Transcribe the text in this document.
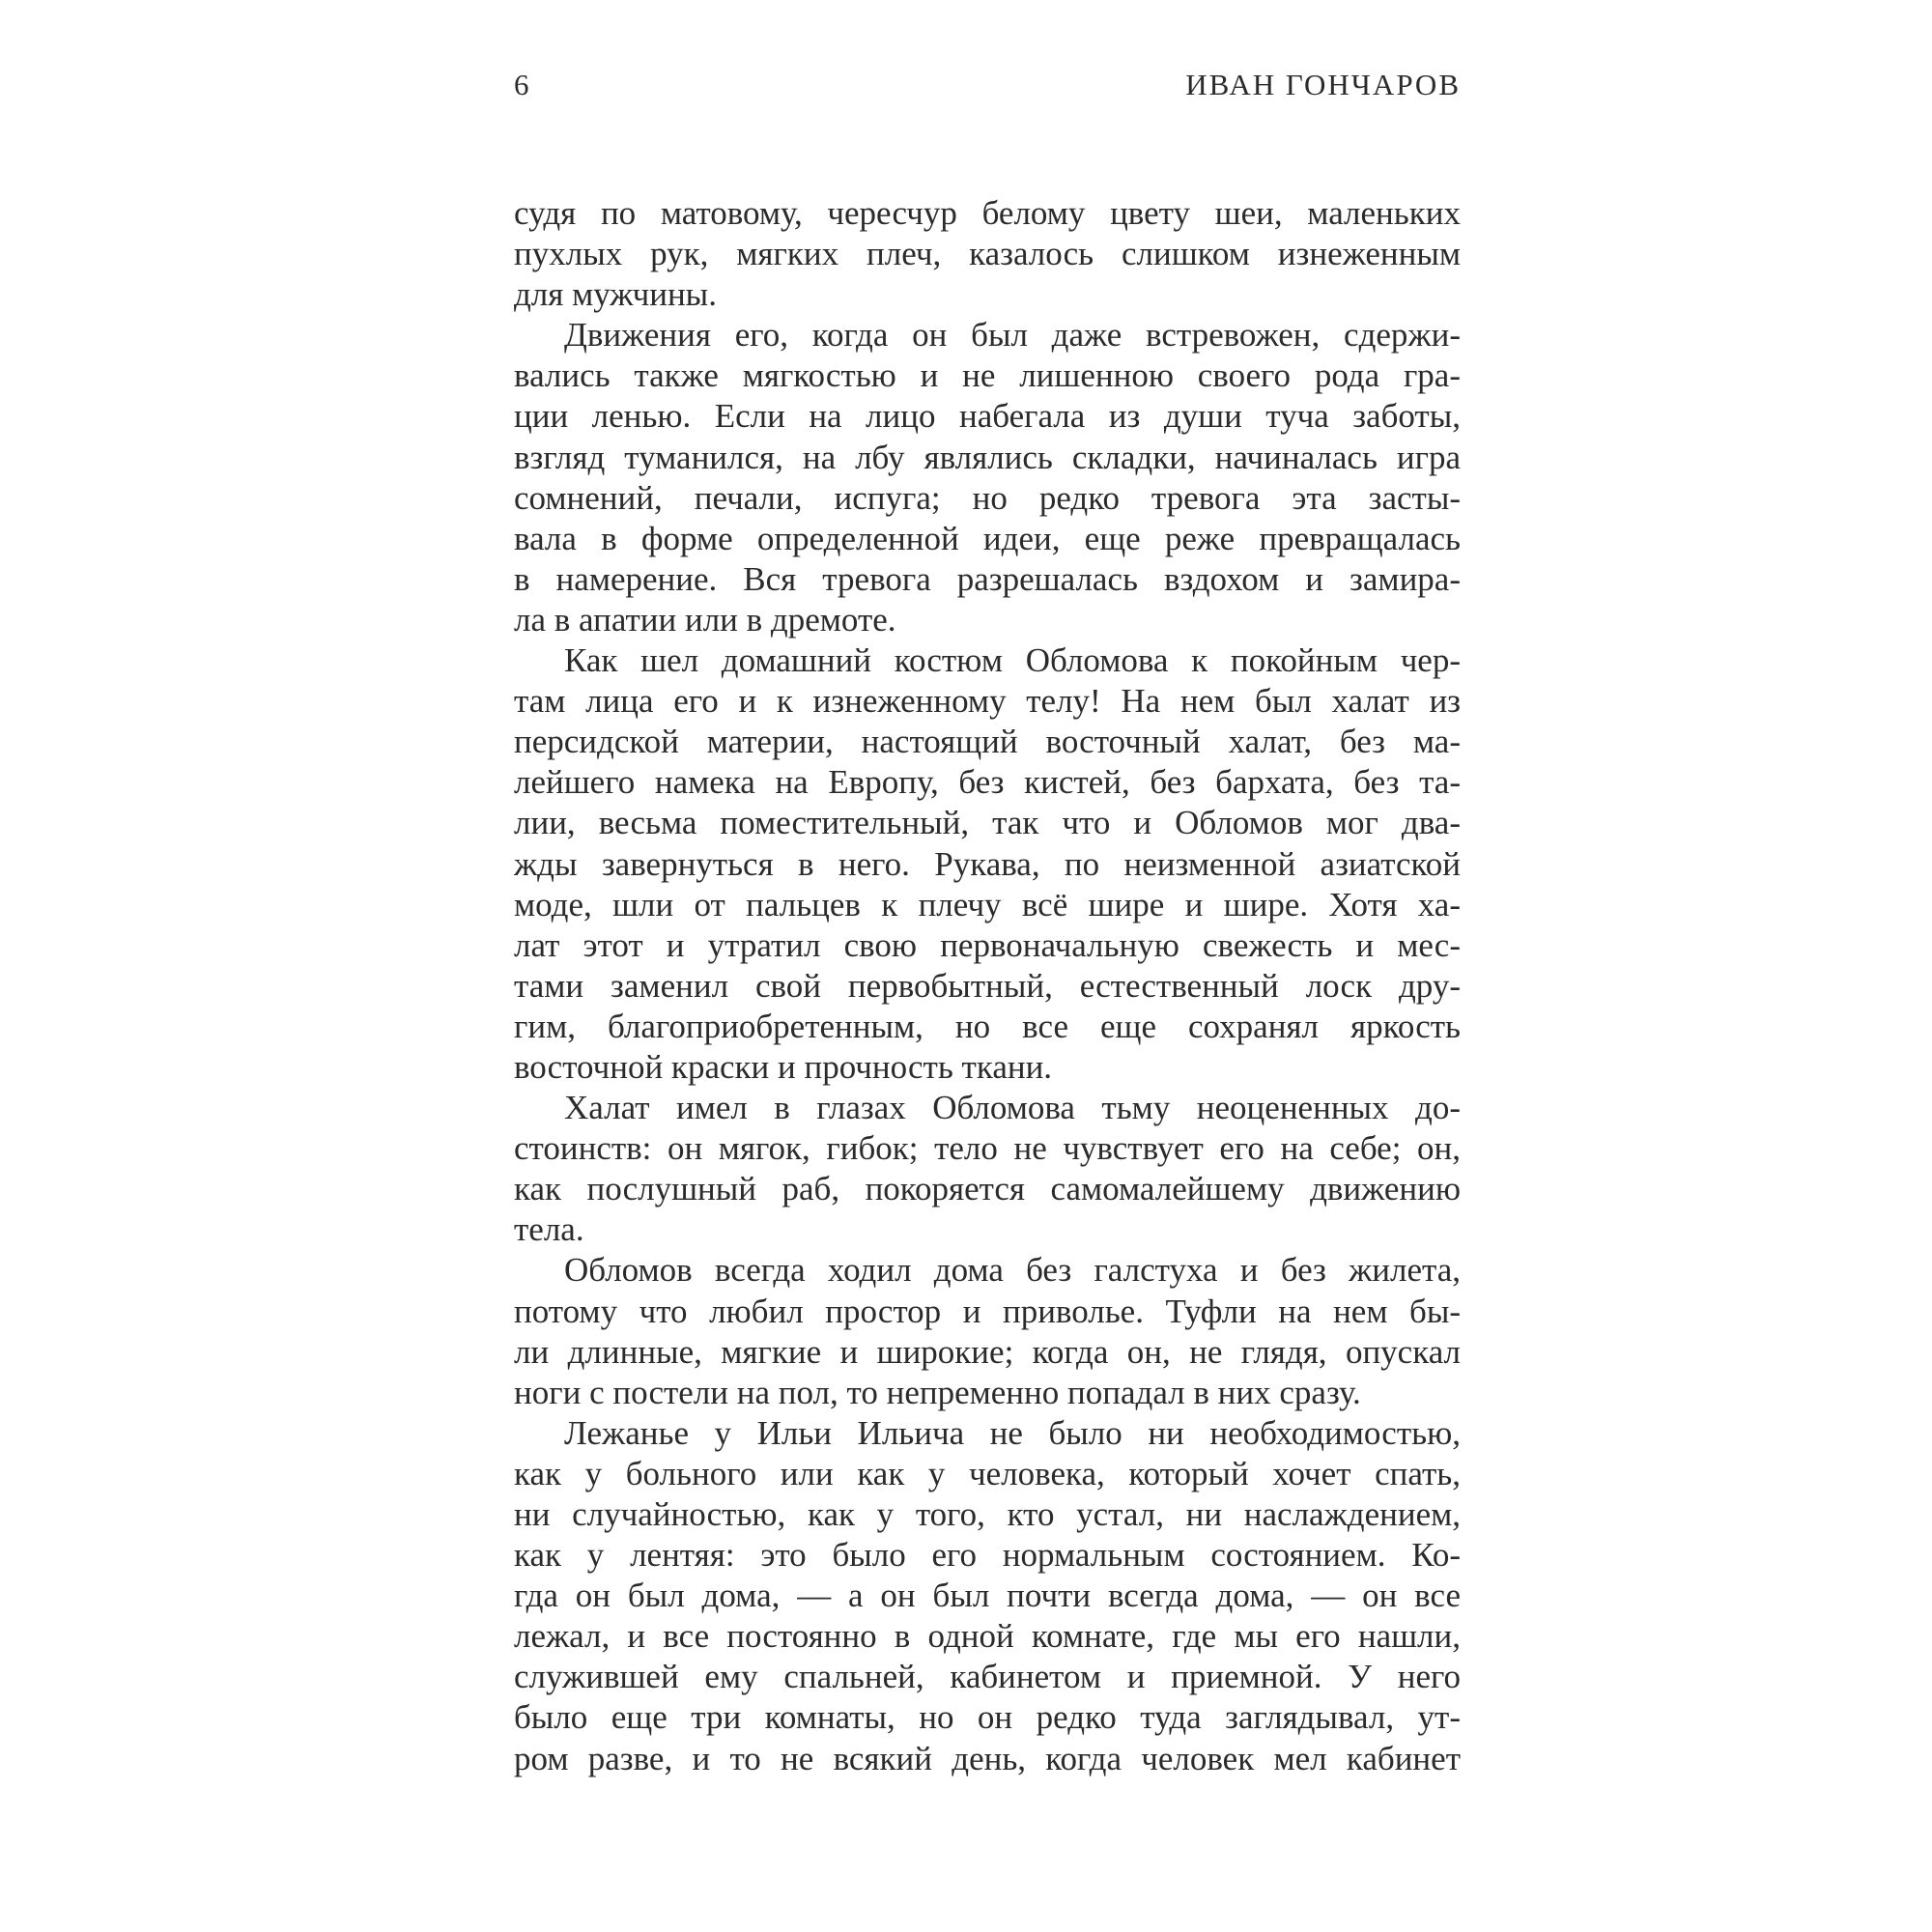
6	ИВАН ГОНЧАРОВ
судя по матовому, чересчур белому цвету шеи, маленьких
пухлых рук, мягких плеч, казалось слишком изнеженным
для мужчины.
Движения его, когда он был даже встревожен, сдержи-
вались также мягкостью и не лишенною своего рода гра-
ции ленью. Если на лицо набегала из души туча заботы,
взгляд туманился, на лбу являлись складки, начиналась игра
сомнений, печали, испуга; но редко тревога эта засты-
вала в форме определенной идеи, еще реже превращалась
в намерение. Вся тревога разрешалась вздохом и замира-
ла в апатии или в дремоте.
Как шел домашний костюм Обломова к покойным чер-
там лица его и к изнеженному телу! На нем был халат из
персидской материи, настоящий восточный халат, без ма-
лейшего намека на Европу, без кистей, без бархата, без та-
лии, весьма поместительный, так что и Обломов мог два-
жды завернуться в него. Рукава, по неизменной азиатской
моде, шли от пальцев к плечу всё шире и шире. Хотя ха-
лат этот и утратил свою первоначальную свежесть и мес-
тами заменил свой первобытный, естественный лоск дру-
гим, благоприобретенным, но все еще сохранял яркость
восточной краски и прочность ткани.
Халат имел в глазах Обломова тьму неоцененных до-
стоинств: он мягок, гибок; тело не чувствует его на себе; он,
как послушный раб, покоряется самомалейшему движению
тела.
Обломов всегда ходил дома без галстуха и без жилета,
потому что любил простор и приволье. Туфли на нем бы-
ли длинные, мягкие и широкие; когда он, не глядя, опускал
ноги с постели на пол, то непременно попадал в них сразу.
Лежанье у Ильи Ильича не было ни необходимостью,
как у больного или как у человека, который хочет спать,
ни случайностью, как у того, кто устал, ни наслаждением,
как у лентяя: это было его нормальным состоянием. Ко-
гда он был дома, — а он был почти всегда дома, — он все
лежал, и все постоянно в одной комнате, где мы его нашли,
служившей ему спальней, кабинетом и приемной. У него
было еще три комнаты, но он редко туда заглядывал, ут-
ром разве, и то не всякий день, когда человек мел кабинет
